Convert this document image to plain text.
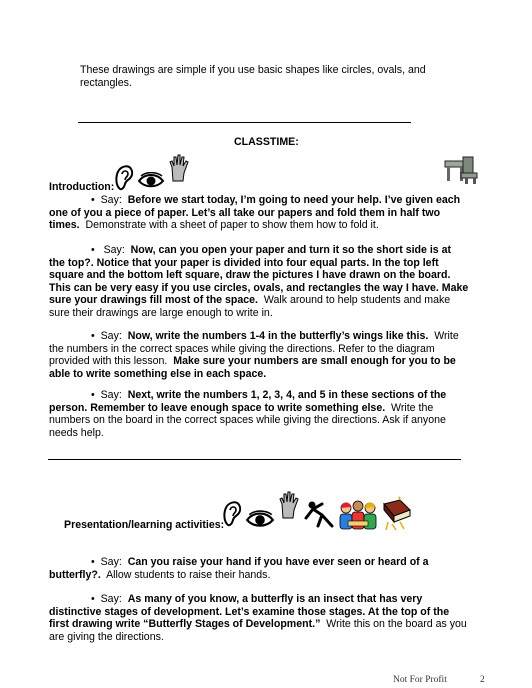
These drawings are simple if you use basic shapes like circles, ovals, and rectangles.
CLASSTIME:
Introduction:
• Say: Before we start today, I’m going to need your help. I’ve given each one of you a piece of paper. Let’s all take our papers and fold them in half two times. Demonstrate with a sheet of paper to show them how to fold it.
• Say: Now, can you open your paper and turn it so the short side is at the top?. Notice that your paper is divided into four equal parts. In the top left square and the bottom left square, draw the pictures I have drawn on the board. This can be very easy if you use circles, ovals, and rectangles the way I have. Make sure your drawings fill most of the space. Walk around to help students and make sure their drawings are large enough to write in.
• Say: Now, write the numbers 1-4 in the butterfly’s wings like this. Write the numbers in the correct spaces while giving the directions. Refer to the diagram provided with this lesson. Make sure your numbers are small enough for you to be able to write something else in each space.
• Say: Next, write the numbers 1, 2, 3, 4, and 5 in these sections of the person. Remember to leave enough space to write something else. Write the numbers on the board in the correct spaces while giving the directions. Ask if anyone needs help.
Presentation/learning activities:
• Say: Can you raise your hand if you have ever seen or heard of a butterfly?. Allow students to raise their hands.
• Say: As many of you know, a butterfly is an insect that has very distinctive stages of development. Let’s examine those stages. At the top of the first drawing write “Butterfly Stages of Development.” Write this on the board as you are giving the directions.
Not For Profit	2
